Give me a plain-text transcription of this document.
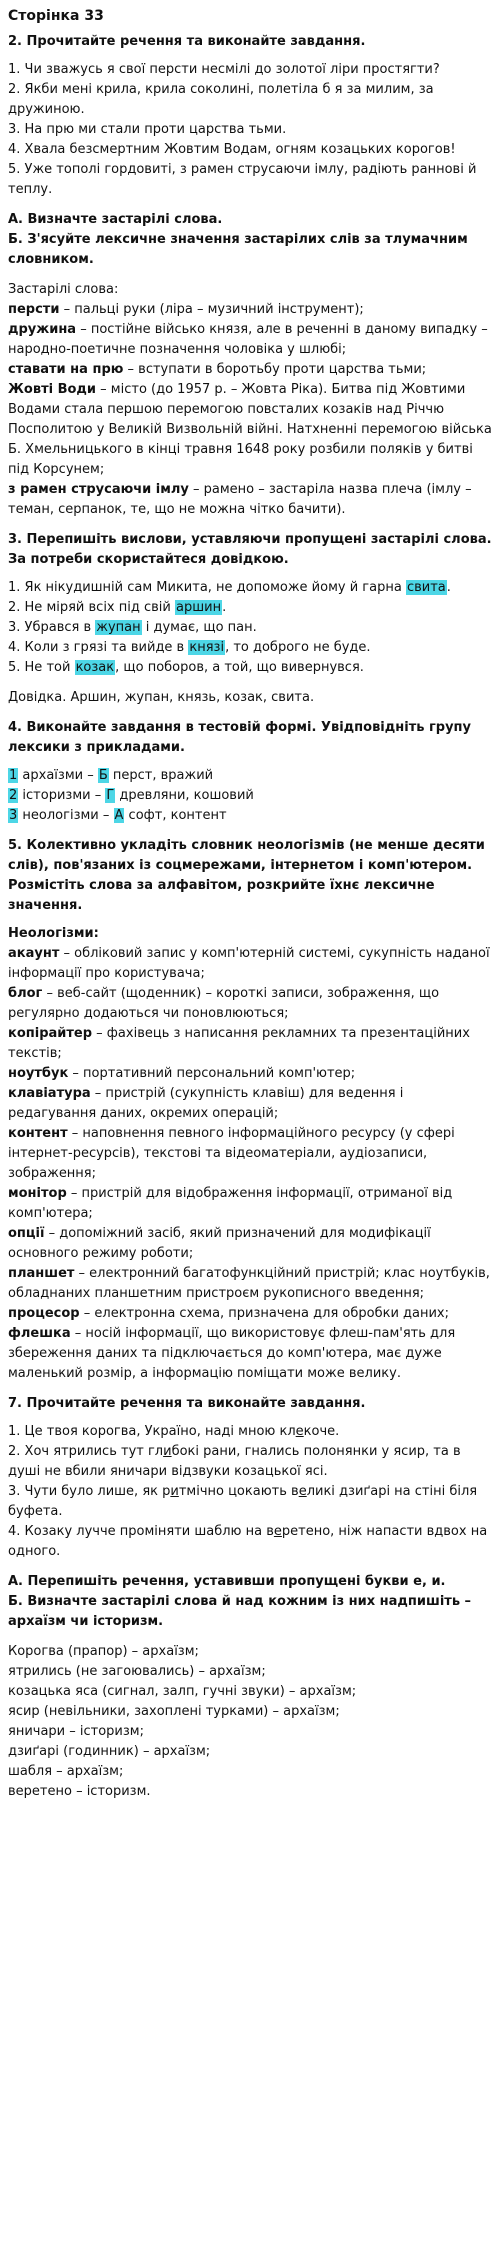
Сторінка 33
2. Прочитайте речення та виконайте завдання.
1. Чи зважусь я свої персти несмілі до золотої ліри простягти?
2. Якби мені крила, крила соколині, полетіла б я за милим, за дружиною.
3. На прю ми стали проти царства тьми.
4. Хвала безсмертним Жовтим Водам, огням козацьких корогов!
5. Уже тополі гордовиті, з рамен струсаючи імлу, радіють раннові й теплу.
А. Визначте застарілі слова.
Б. З'ясуйте лексичне значення застарілих слів за тлумачним словником.
Застарілі слова:
персти – пальці руки (ліра – музичний інструмент);
дружина – постійне військо князя, але в реченні в даному випадку – народно-поетичне позначення чоловіка у шлюбі;
ставати на прю – вступати в боротьбу проти царства тьми;
Жовті Води – місто (до 1957 р. – Жовта Ріка). Битва під Жовтими Водами стала першою перемогою повсталих козаків над Річчю Посполитою у Великій Визвольній війні. Натхненні перемогою війська Б. Хмельницького в кінці травня 1648 року розбили поляків у битві під Корсунем;
з рамен струсаючи імлу – рамено – застаріла назва плеча (імлу – теман, серпанок, те, що не можна чітко бачити).
3. Перепишіть вислови, уставляючи пропущені застарілі слова. За потреби скористайтеся довідкою.
1. Як нікудишній сам Микита, не допоможе йому й гарна свита.
2. Не міряй всіх під свій аршин.
3. Убрався в жупан і думає, що пан.
4. Коли з грязі та вийде в князі, то доброго не буде.
5. Не той козак, що поборов, а той, що вивернувся.
Довідка. Аршин, жупан, князь, козак, свита.
4. Виконайте завдання в тестовій формі. Увідповідніть групу лексики з прикладами.
1 архаїзми – Б перст, вражий
2 історизми – Г древляни, кошовий
3 неологізми – А софт, контент
5. Колективно укладіть словник неологізмів (не менше десяти слів), пов'язаних із соцмережами, інтернетом і комп'ютером. Розмістіть слова за алфавітом, розкрийте їхнє лексичне значення.
Неологізми:
акаунт – обліковий запис у комп'ютерній системі, сукупність наданої інформації про користувача;
блог – веб-сайт (щоденник) – короткі записи, зображення, що регулярно додаються чи поновлюються;
копірайтер – фахівець з написання рекламних та презентаційних текстів;
ноутбук – портативний персональний комп'ютер;
клавіатура – пристрій (сукупність клавіш) для ведення і редагування даних, окремих операцій;
контент – наповнення певного інформаційного ресурсу (у сфері інтернет-ресурсів), текстові та відеоматеріали, аудіозаписи, зображення;
монітор – пристрій для відображення інформації, отриманої від комп'ютера;
опції – допоміжний засіб, який призначений для модифікації основного режиму роботи;
планшет – електронний багатофункційний пристрій; клас ноутбуків, обладнаних планшетним пристроєм рукописного введення;
процесор – електронна схема, призначена для обробки даних;
флешка – носій інформації, що використовує флеш-пам'ять для збереження даних та підключається до комп'ютера, має дуже маленький розмір, а інформацію поміщати може велику.
7. Прочитайте речення та виконайте завдання.
1. Це твоя корогва, Україно, наді мною клекоче.
2. Хоч ятрились тут глибокі рани, гнались полонянки у ясир, та в душі не вбили яничари відзвуки козацької ясі.
3. Чути було лише, як ритмічно цокають великі дзиґарі на стіні біля буфета.
4. Козаку лучче проміняти шаблю на веретено, ніж напасти вдвох на одного.
А. Перепишіть речення, уставивши пропущені букви е, и.
Б. Визначте застарілі слова й над кожним із них надпишіть – архаїзм чи історизм.
Корогва (прапор) – архаїзм;
ятрились (не загоювались) – архаїзм;
козацька яса (сигнал, залп, гучні звуки) – архаїзм;
ясир (невільники, захоплені турками) – архаїзм;
яничари – історизм;
дзиґарі (годинник) – архаїзм;
шабля – архаїзм;
веретено – історизм.
